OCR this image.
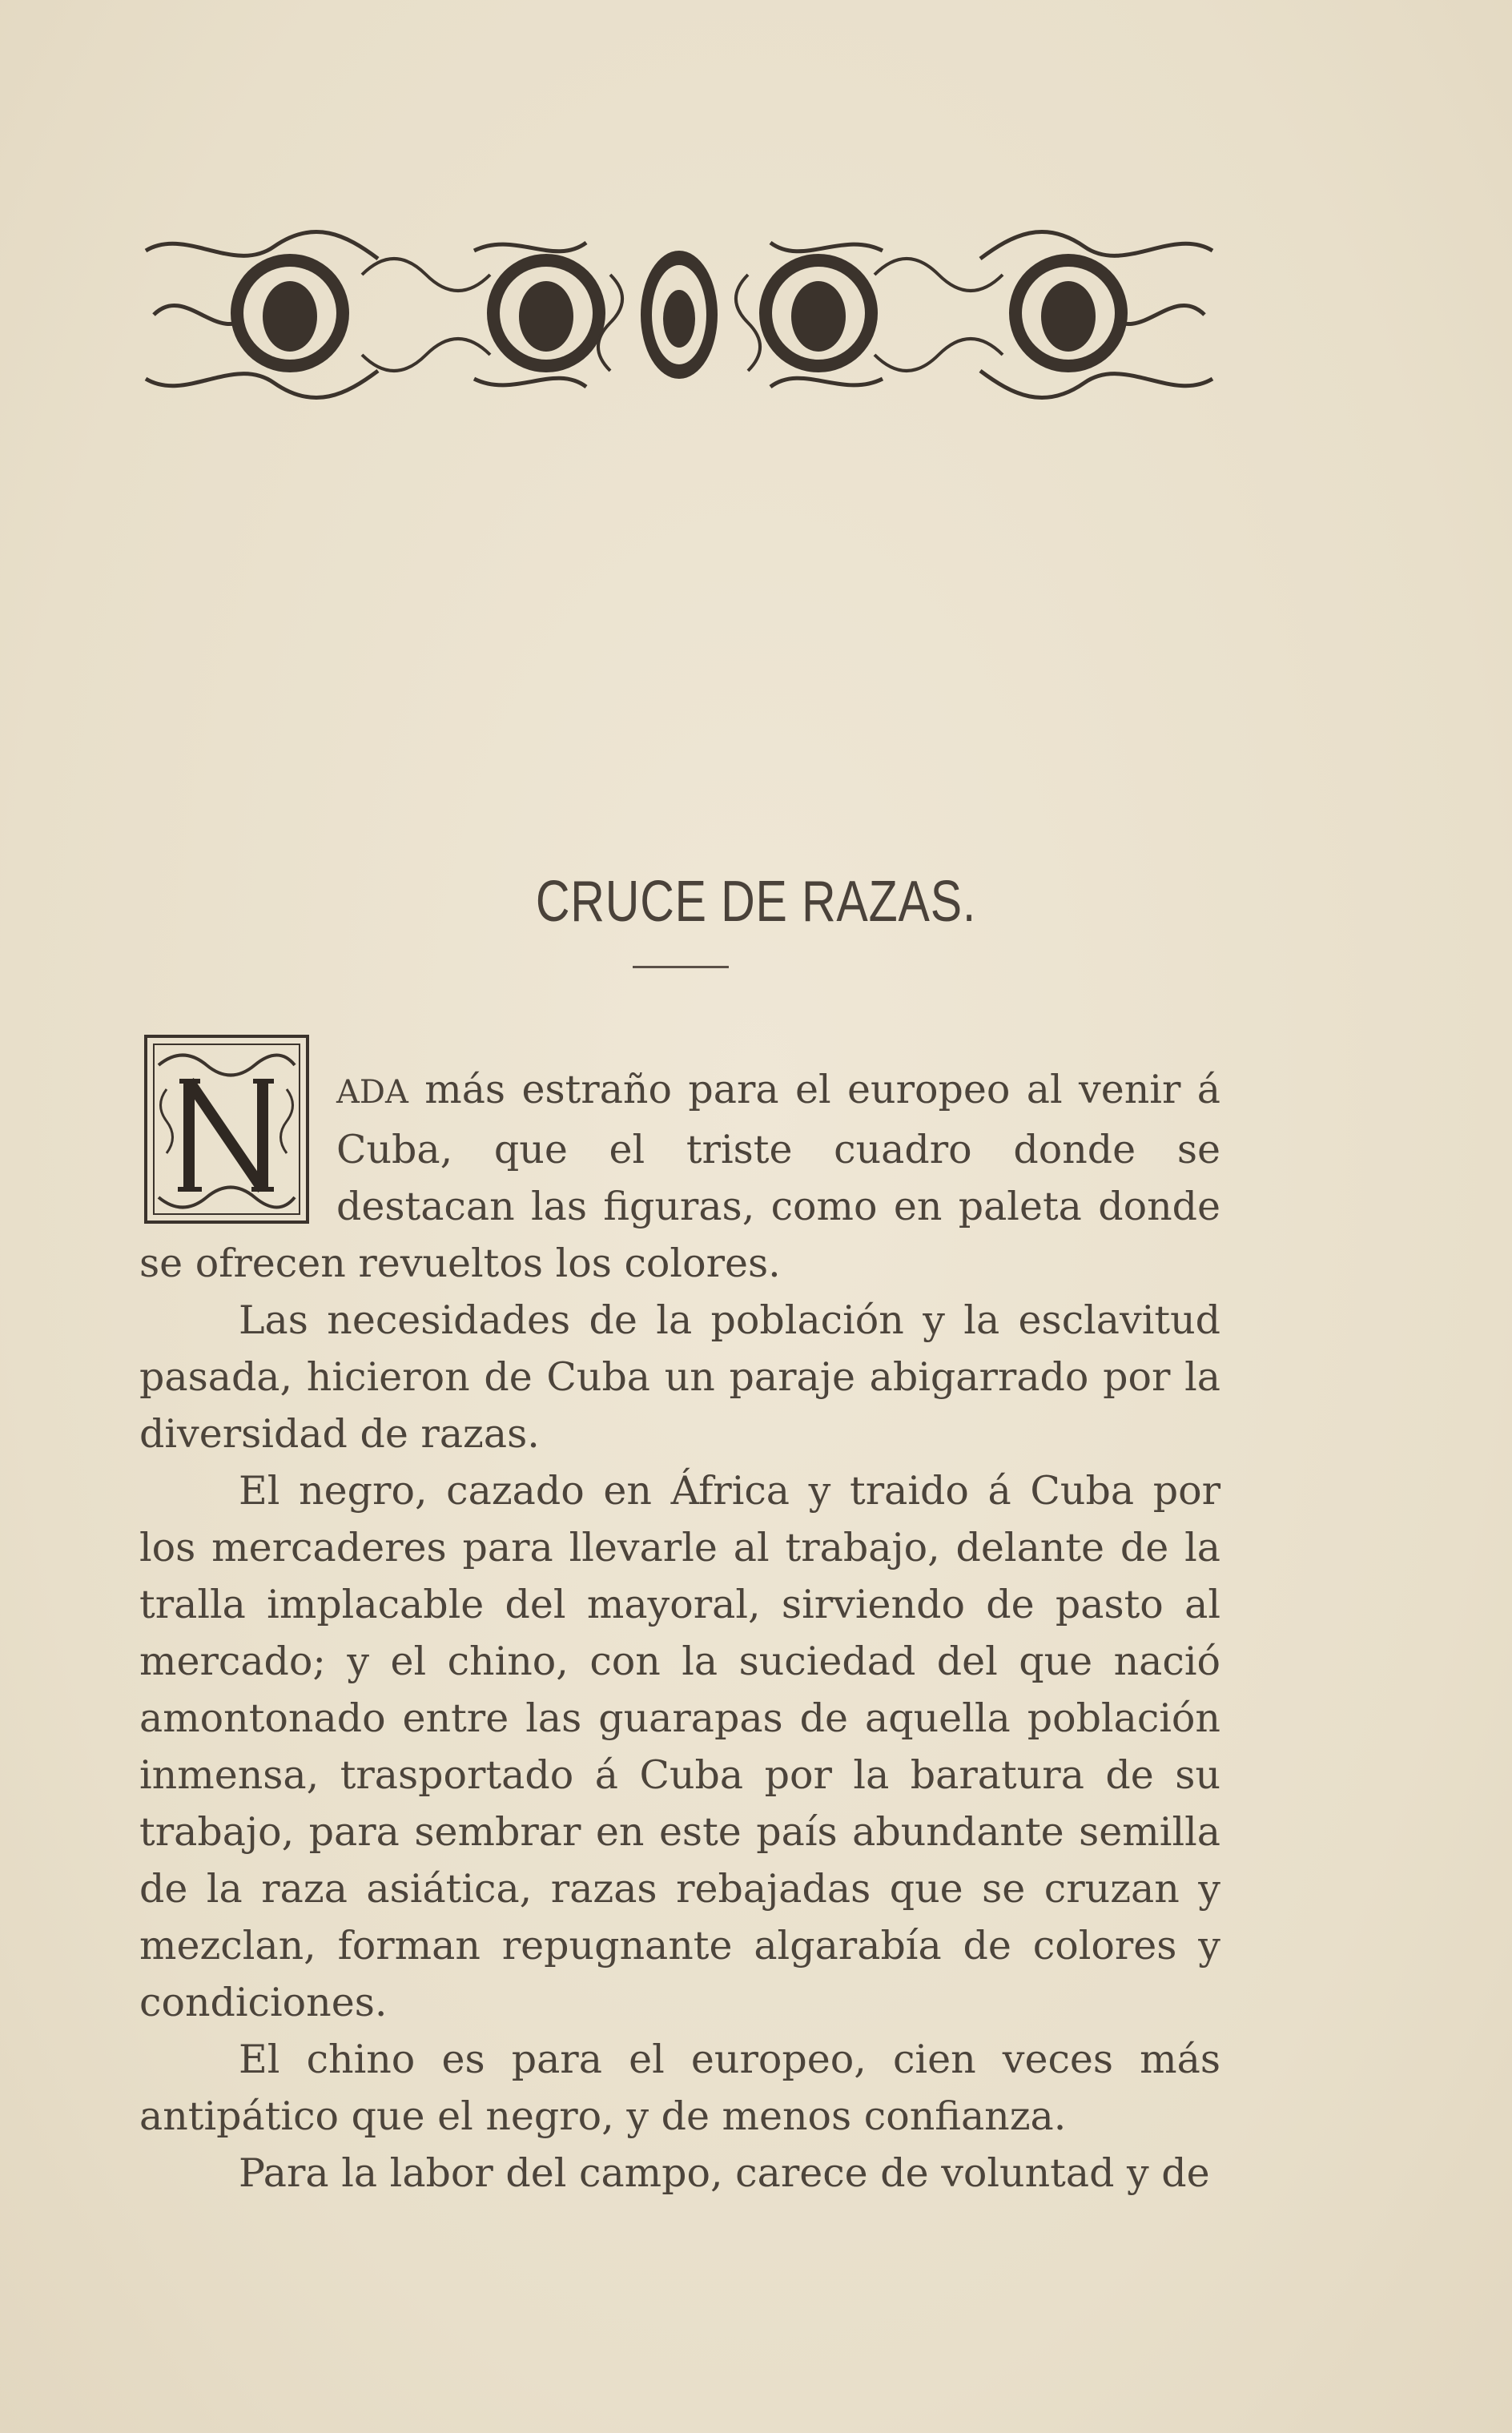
CRUCE DE RAZAS.

ADA más estraño para el europeo al venir á Cuba, que el triste cuadro donde se destacan las figuras, como en paleta donde se ofrecen revueltos los colores.

Las necesidades de la población y la esclavitud pasada, hicieron de Cuba un paraje abigarrado por la diversidad de razas.

El negro, cazado en África y traido á Cuba por los mercaderes para llevarle al trabajo, delante de la tralla implacable del mayoral, sirviendo de pasto al mercado; y el chino, con la suciedad del que nació amontonado entre las guarapas de aquella población inmensa, trasportado á Cuba por la baratura de su trabajo, para sembrar en este país abundante semilla de la raza asiática, razas rebajadas que se cruzan y mezclan, forman repugnante algarabía de colores y condiciones.

El chino es para el europeo, cien veces más antipático que el negro, y de menos confianza.

Para la labor del campo, carece de voluntad y de
